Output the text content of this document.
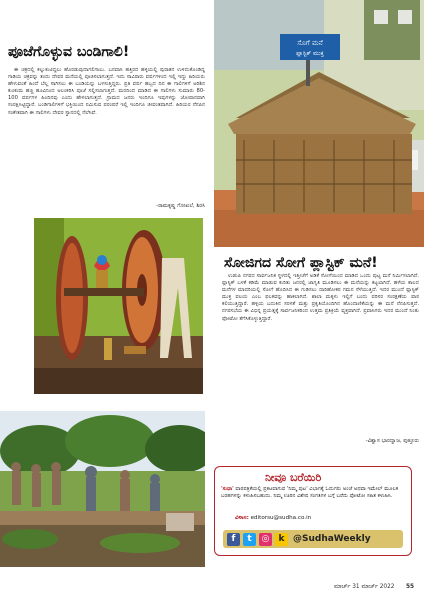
ಪೂಜೆಗೊಳ್ಳುವ ಬಂಡಿಗಾಲಿ!

ಈ ಚಕ್ರದಲ್ಲಿ ಕಲ್ಲುಕುಟಿದ್ದಲು ಹೊರಡುವುದಾಗಲಿಗಾಲು. ಬನವಾಸಿ ಹತ್ತಿರದ ಹಳ್ಳಿಯಲ್ಲಿ ಪುರಾತನ ಉಳಿದುಕೊಂಡಿದ್ದ ಗಾಡಿಯ ಚಕ್ರವನ್ನು ತಂದು ದೇವರ ಮನೆಯಲ್ಲಿ ಪೂಜಿಸಲಾಗುತ್ತದೆ. ಇದು ಸಾವಿರಾರು ವರ್ಷಗಳಿಂದ ಇಲ್ಲಿ ಇದ್ದು ಹಿರಿಯರು ಹೇಳುವಂತೆ ಹಿಂದೆ ಬೆಲ್ಲ ಸಾಗಿಸಲು ಈ ಬಂಡಿಯನ್ನು ಬಳಸುತ್ತಿದ್ದರು. ಪ್ರತಿ ವರ್ಷ ಹಬ್ಬದ ದಿನ ಈ ಗಾಲಿಗಳಿಗೆ ಅರಿಶಿನ ಕುಂಕುಮ ಹಚ್ಚಿ ಹೂವಿನಿಂದ ಅಲಂಕರಿಸಿ ಪೂಜೆ ಸಲ್ಲಿಸಲಾಗುತ್ತದೆ. ಮರದಿಂದ ಮಾಡಿದ ಈ ಗಾಲಿಗಳು ಸುಮಾರು 80-100 ವರ್ಷಗಳ ಹಿಂದಿನವು ಎಂದು ಹೇಳಲಾಗುತ್ತದೆ. ಗ್ರಾಮದ ಜನರು ಇಂದಿಗೂ ಇವುಗಳನ್ನು ಜೋಪಾನವಾಗಿ ಸಂರಕ್ಷಿಸಿಟ್ಟಿದ್ದಾರೆ. ಬಂಡಿಗಾಲಿಗಳಿಗೆ ಭಕ್ತಿಯಿಂದ ನಮಿಸುವ ಪರಂಪರೆ ಇಲ್ಲಿ ಇಂದಿಗೂ ಜೀವಂತವಾಗಿದೆ. ಹಿರಿಯರ ನೆನಪಿನ ಸಂಕೇತವಾಗಿ ಈ ಗಾಲಿಗಳು ದೇವರ ಸ್ಥಾನದಲ್ಲಿ ನೆಲೆಸಿವೆ.

-ರಾಮಕೃಷ್ಣ ಗೋಖಲೆ, ಶಿರಸಿ
ಸೊಗೆ ಮನೆ
ಪ್ಲಾಸ್ಟಿಕ್ ಮುಕ್ತ
ಸೋಜಿಗದ ಸೋಗೆ ಪ್ಲಾಸ್ಟಿಕ್ ಮನೆ!

ಉಡುಪಿ ನಗರದ ಸಾರ್ವಜನಿಕ ಸ್ಥಳದಲ್ಲಿ ಇತ್ತೀಚೆಗೆ ಅಡಿಕೆ ಸೋಗೆಯಿಂದ ಮಾಡಿದ ಒಂದು ಪುಟ್ಟ ಮನೆ ನಿರ್ಮಿಸಲಾಗಿದೆ. ಪ್ಲಾಸ್ಟಿಕ್ ಬಳಕೆ ಕಡಿಮೆ ಮಾಡುವ ಕುರಿತು ಜನರಲ್ಲಿ ಜಾಗೃತಿ ಮೂಡಿಸಲು ಈ ಮನೆಯನ್ನು ಕಟ್ಟಲಾಗಿದೆ. ಹಳೆಯ ಕಾಲದ ಮನೆಗಳ ಮಾದರಿಯಲ್ಲಿ ಸೋಗೆ ಹೊದಿಸಿದ ಈ ಗುಡಿಸಲು ದಾರಿಹೋಕರ ಗಮನ ಸೆಳೆಯುತ್ತಿದೆ. ಇದರ ಮುಂದೆ ಪ್ಲಾಸ್ಟಿಕ್ ಮುಕ್ತ ವಲಯ ಎಂಬ ಫಲಕವನ್ನು ಹಾಕಲಾಗಿದೆ. ಶಾಲಾ ಮಕ್ಕಳು ಇಲ್ಲಿಗೆ ಬಂದು ಪರಿಸರ ಸಂರಕ್ಷಣೆಯ ಪಾಠ ಕಲಿಯುತ್ತಿದ್ದಾರೆ. ಹಳ್ಳಿಯ ಬದುಕಿನ ಸರಳತೆ ಮತ್ತು ಪ್ರಕೃತಿಯೊಂದಿಗಿನ ಹೊಂದಾಣಿಕೆಯನ್ನು ಈ ಮನೆ ನೆನಪಿಸುತ್ತದೆ. ನಗರಸಭೆಯ ಈ ವಿಭಿನ್ನ ಪ್ರಯತ್ನಕ್ಕೆ ಸಾರ್ವಜನಿಕರಿಂದ ಉತ್ತಮ ಪ್ರತಿಕ್ರಿಯೆ ವ್ಯಕ್ತವಾಗಿದೆ. ಪ್ರವಾಸಿಗರು ಇದರ ಮುಂದೆ ನಿಂತು ಫೋಟೋ ತೆಗೆಸಿಕೊಳ್ಳುತ್ತಿದ್ದಾರೆ.

-ವಿಶ್ವಾಸ ಭಾರದ್ವಾಜ, ಪುತ್ತೂರು
ನೀವೂ ಬರೆಯಿರಿ
'ಸುಧಾ' ವಾರಪತ್ರಿಕೆಯಲ್ಲಿ ಪ್ರಕಟವಾಗುವ 'ನಿಮ್ಮ ಪುಟ' ವಿಭಾಗಕ್ಕೆ ಓದುಗರು ಅಂಚೆ ಅಥವಾ ಇಮೇಲ್ ಮೂಲಕ ಬರಹಗಳನ್ನು ಕಳುಹಿಸಬಹುದು. ನಿಮ್ಮ ಊರಿನ ವಿಶೇಷ ಸಂಗತಿಗಳ ಬಗ್ಗೆ ಬರೆದು ಫೋಟೋ ಸಹಿತ ಕಳುಹಿಸಿ.
ವಿಳಾಸ: editorsu@sudha.co.in
f	t	◎	k @SudhaWeekly
ಮಾರ್ಚ್ 31 ಮಾರ್ಚ್ 2022 55
